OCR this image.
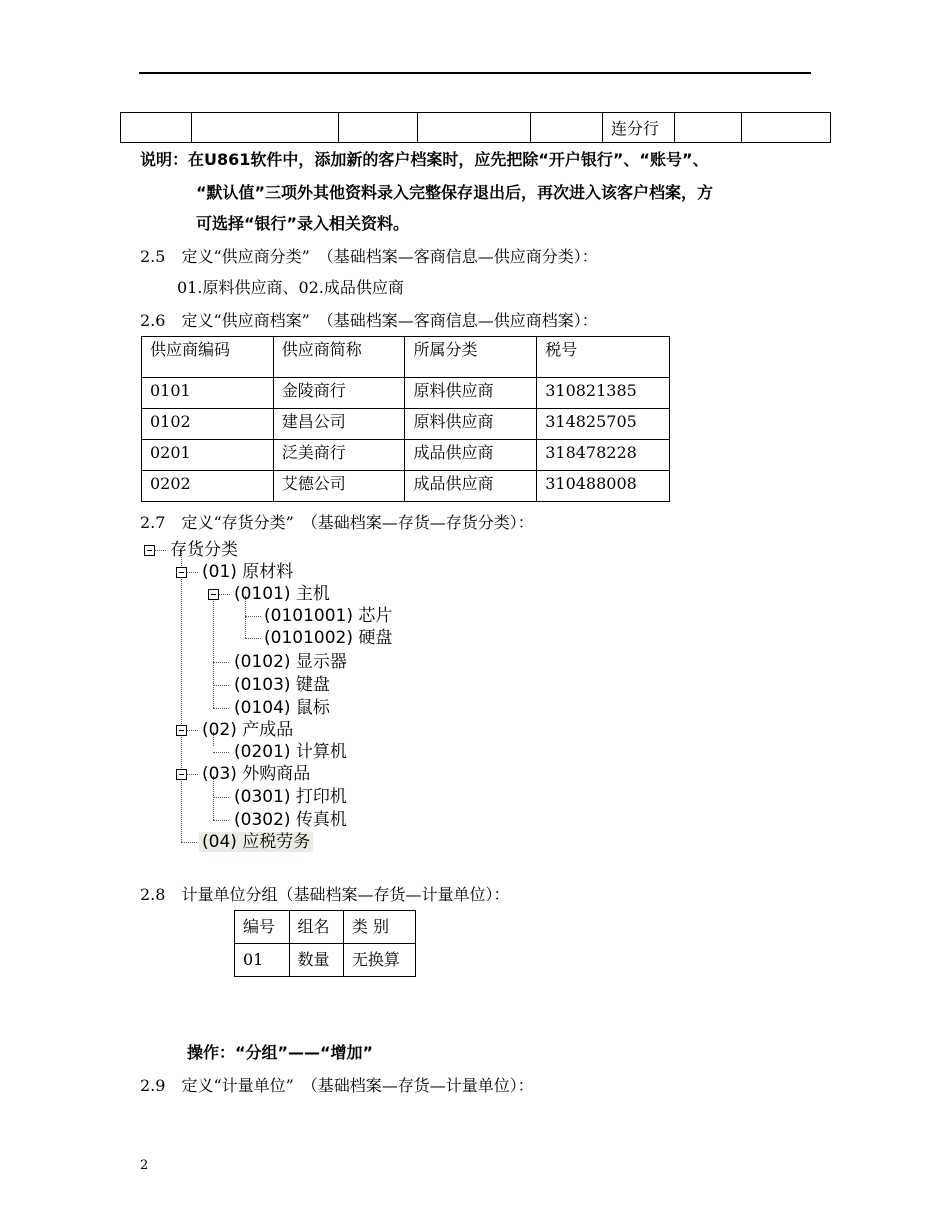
					连分行		
说明：在U861软件中，添加新的客户档案时，应先把除“开户银行”、“账号”、
“默认值”三项外其他资料录入完整保存退出后，再次进入该客户档案，方
可选择“银行”录入相关资料。
2.5　定义“供应商分类”　（基础档案—客商信息—供应商分类）：
01.原料供应商、02.成品供应商
2.6　定义“供应商档案”　（基础档案—客商信息—供应商档案）：
供应商编码	供应商简称	所属分类	税号
0101	金陵商行	原料供应商	310821385
0102	建昌公司	原料供应商	314825705
0201	泛美商行	成品供应商	318478228
0202	艾德公司	成品供应商	310488008
2.7　定义“存货分类”　（基础档案—存货—存货分类）：
存货分类
(01) 原材料
(0101) 主机
(0101001) 芯片
(0101002) 硬盘
(0102) 显示器
(0103) 键盘
(0104) 鼠标
(02) 产成品
(0201) 计算机
(03) 外购商品
(0301) 打印机
(0302) 传真机
(04) 应税劳务
2.8　计量单位分组（基础档案—存货—计量单位）：
编号	组名	类 别
01	数量	无换算
操作：“分组”——“增加”
2.9　定义“计量单位”　（基础档案—存货—计量单位）：
2
